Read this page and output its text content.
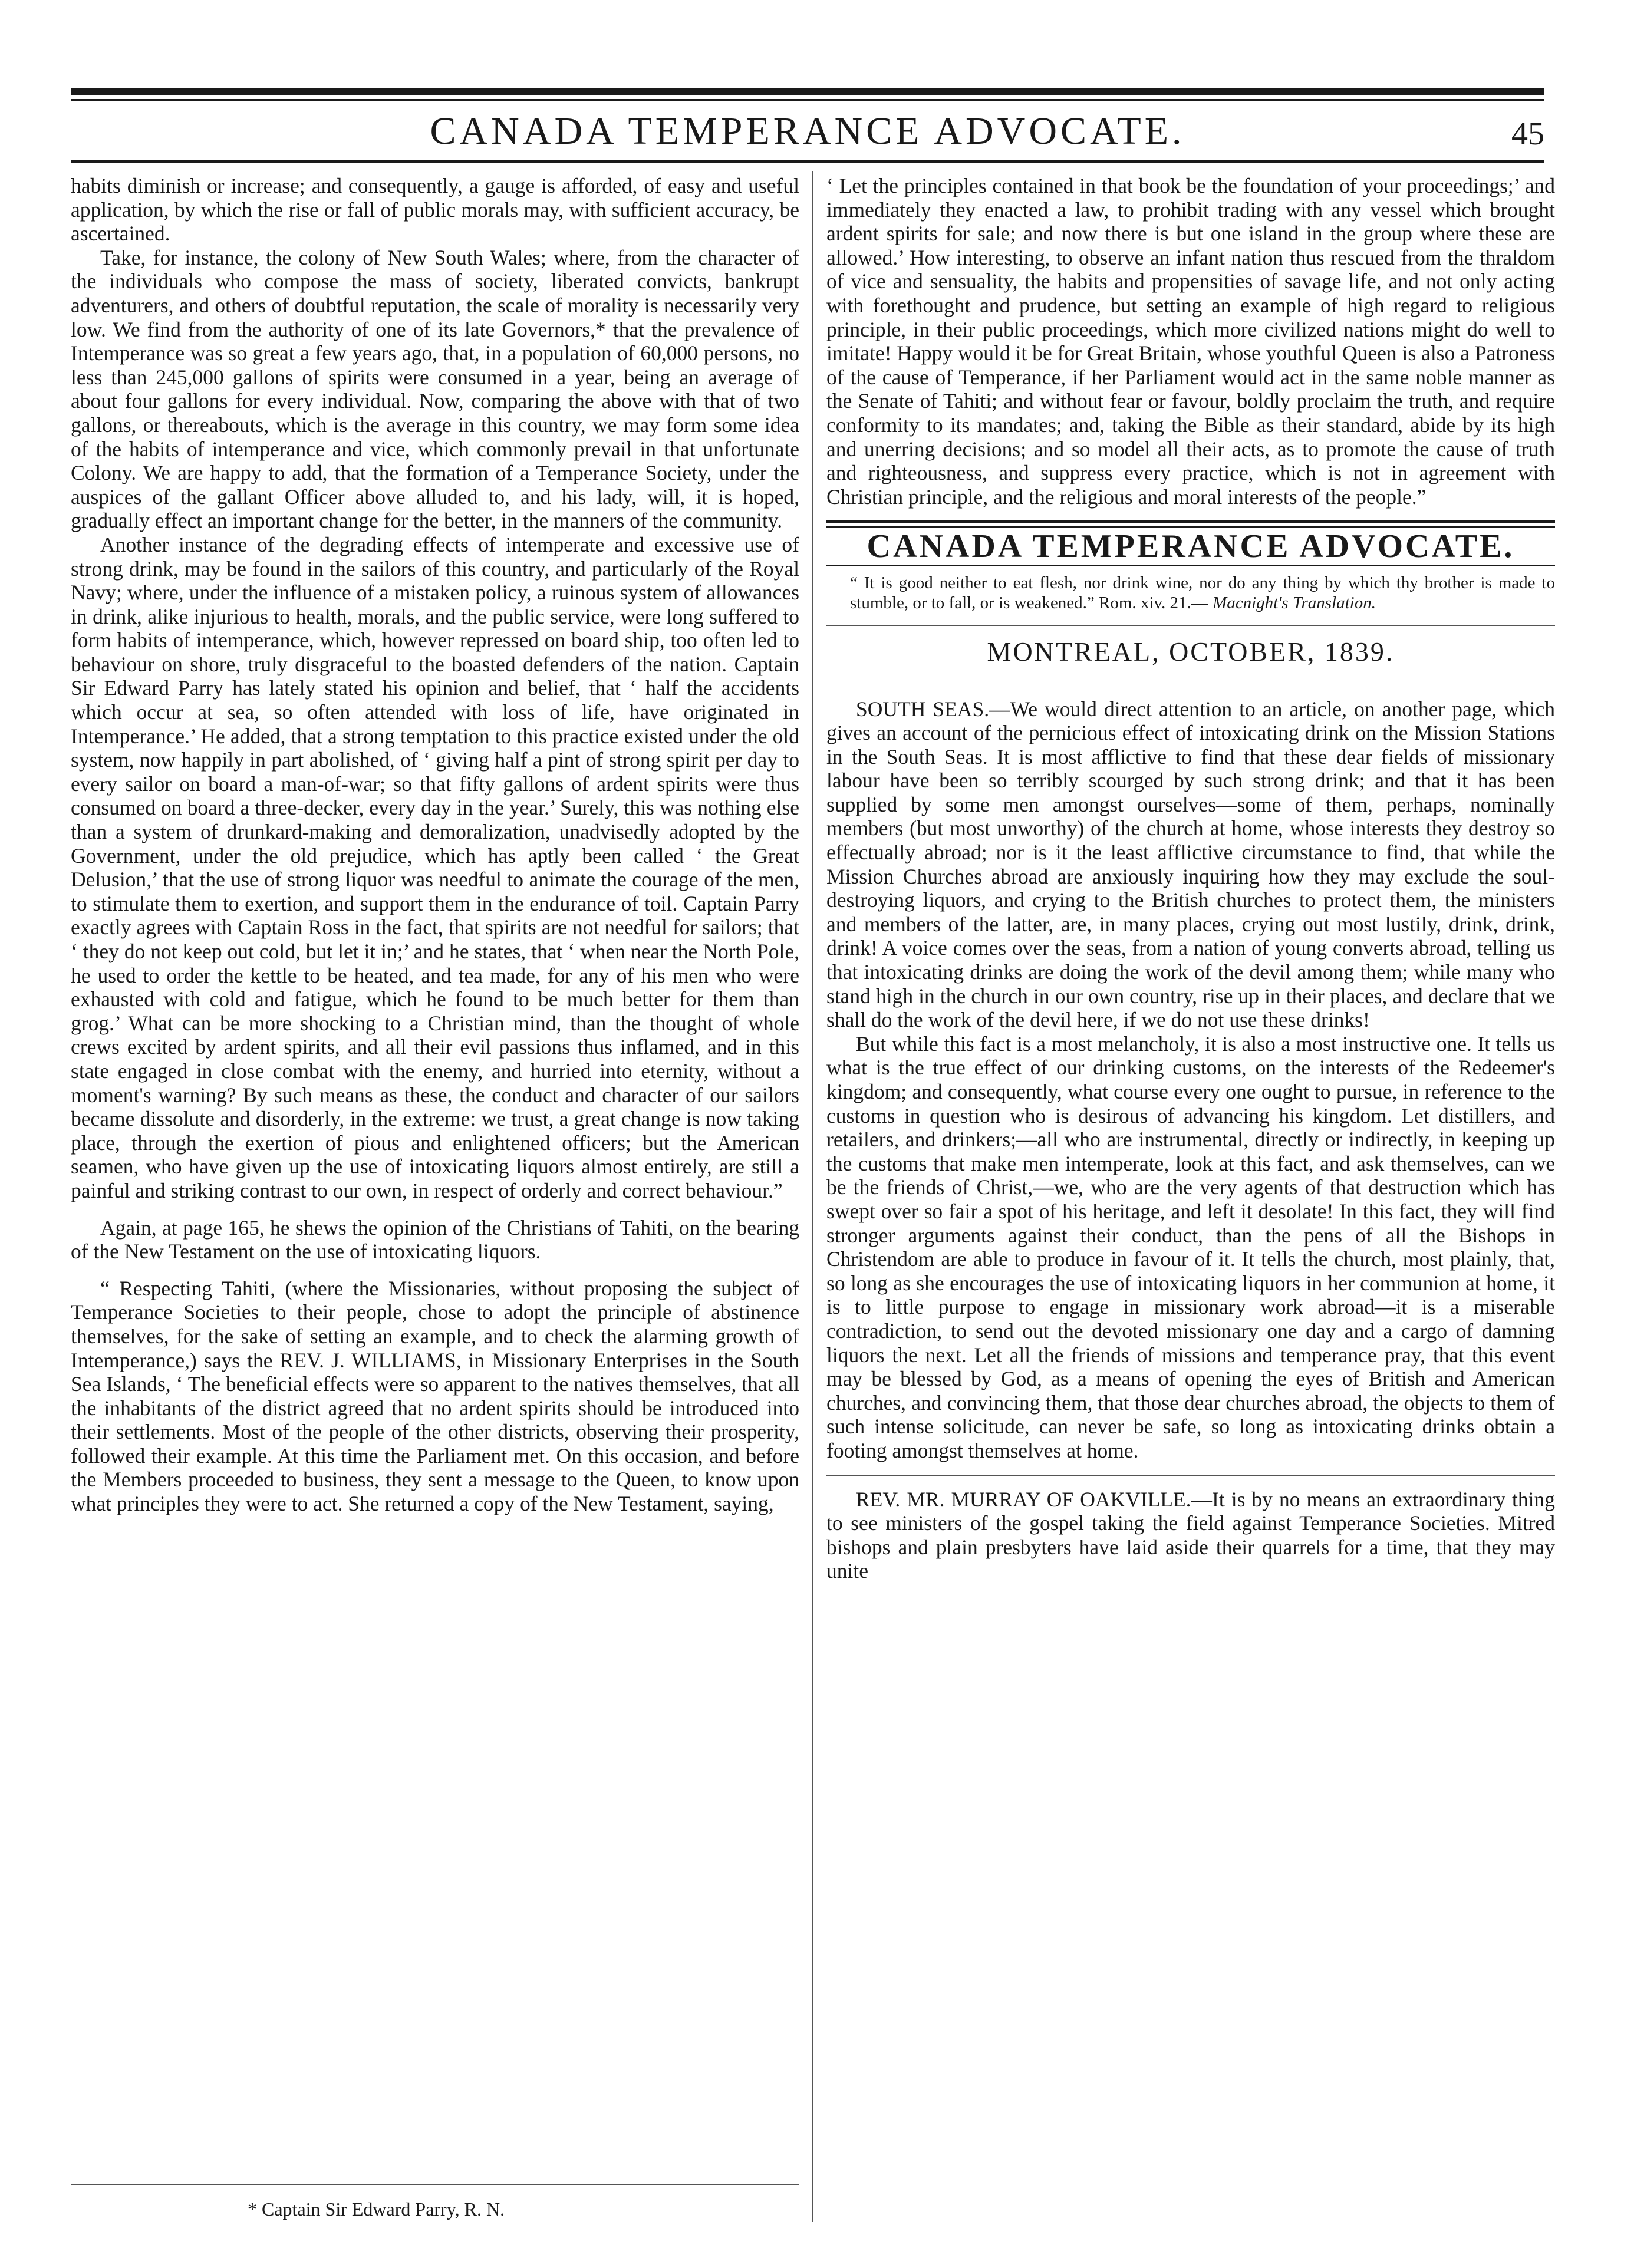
CANADA TEMPERANCE ADVOCATE.	45

habits diminish or increase; and consequently, a gauge is afforded, of easy and useful application, by which the rise or fall of public morals may, with sufficient accuracy, be ascertained.

Take, for instance, the colony of New South Wales; where, from the character of the individuals who compose the mass of society, liberated convicts, bankrupt adventurers, and others of doubtful reputation, the scale of morality is necessarily very low. We find from the authority of one of its late Governors,* that the prevalence of Intemperance was so great a few years ago, that, in a population of 60,000 persons, no less than 245,000 gallons of spirits were consumed in a year, being an average of about four gallons for every individual. Now, comparing the above with that of two gallons, or thereabouts, which is the average in this country, we may form some idea of the habits of intemperance and vice, which commonly prevail in that unfortunate Colony. We are happy to add, that the formation of a Temperance Society, under the auspices of the gallant Officer above alluded to, and his lady, will, it is hoped, gradually effect an important change for the better, in the manners of the community.

Another instance of the degrading effects of intemperate and excessive use of strong drink, may be found in the sailors of this country, and particularly of the Royal Navy; where, under the influence of a mistaken policy, a ruinous system of allowances in drink, alike injurious to health, morals, and the public service, were long suffered to form habits of intemperance, which, however repressed on board ship, too often led to behaviour on shore, truly disgraceful to the boasted defenders of the nation. Captain Sir Edward Parry has lately stated his opinion and belief, that ‘ half the accidents which occur at sea, so often attended with loss of life, have originated in Intemperance.’ He added, that a strong temptation to this practice existed under the old system, now happily in part abolished, of ‘ giving half a pint of strong spirit per day to every sailor on board a man-of-war; so that fifty gallons of ardent spirits were thus consumed on board a three-decker, every day in the year.’ Surely, this was nothing else than a system of drunkard-making and demoralization, unadvisedly adopted by the Government, under the old prejudice, which has aptly been called ‘ the Great Delusion,’ that the use of strong liquor was needful to animate the courage of the men, to stimulate them to exertion, and support them in the endurance of toil. Captain Parry exactly agrees with Captain Ross in the fact, that spirits are not needful for sailors; that ‘ they do not keep out cold, but let it in;’ and he states, that ‘ when near the North Pole, he used to order the kettle to be heated, and tea made, for any of his men who were exhausted with cold and fatigue, which he found to be much better for them than grog.’ What can be more shocking to a Christian mind, than the thought of whole crews excited by ardent spirits, and all their evil passions thus inflamed, and in this state engaged in close combat with the enemy, and hurried into eternity, without a moment's warning? By such means as these, the conduct and character of our sailors became dissolute and disorderly, in the extreme: we trust, a great change is now taking place, through the exertion of pious and enlightened officers; but the American seamen, who have given up the use of intoxicating liquors almost entirely, are still a painful and striking contrast to our own, in respect of orderly and correct behaviour.”

Again, at page 165, he shews the opinion of the Christians of Tahiti, on the bearing of the New Testament on the use of intoxicating liquors.

“ Respecting Tahiti, (where the Missionaries, without proposing the subject of Temperance Societies to their people, chose to adopt the principle of abstinence themselves, for the sake of setting an example, and to check the alarming growth of Intemperance,) says the REV. J. WILLIAMS, in Missionary Enterprises in the South Sea Islands, ‘ The beneficial effects were so apparent to the natives themselves, that all the inhabitants of the district agreed that no ardent spirits should be introduced into their settlements. Most of the people of the other districts, observing their prosperity, followed their example. At this time the Parliament met. On this occasion, and before the Members proceeded to business, they sent a message to the Queen, to know upon what principles they were to act. She returned a copy of the New Testament, saying,

* Captain Sir Edward Parry, R. N.

‘ Let the principles contained in that book be the foundation of your proceedings;’ and immediately they enacted a law, to prohibit trading with any vessel which brought ardent spirits for sale; and now there is but one island in the group where these are allowed.’ How interesting, to observe an infant nation thus rescued from the thraldom of vice and sensuality, the habits and propensities of savage life, and not only acting with forethought and prudence, but setting an example of high regard to religious principle, in their public proceedings, which more civilized nations might do well to imitate! Happy would it be for Great Britain, whose youthful Queen is also a Patroness of the cause of Temperance, if her Parliament would act in the same noble manner as the Senate of Tahiti; and without fear or favour, boldly proclaim the truth, and require conformity to its mandates; and, taking the Bible as their standard, abide by its high and unerring decisions; and so model all their acts, as to promote the cause of truth and righteousness, and suppress every practice, which is not in agreement with Christian principle, and the religious and moral interests of the people.”

CANADA TEMPERANCE ADVOCATE.

“ It is good neither to eat flesh, nor drink wine, nor do any thing by which thy brother is made to stumble, or to fall, or is weakened.” Rom. xiv. 21.— Macnight's Translation.

MONTREAL, OCTOBER, 1839.

SOUTH SEAS.—We would direct attention to an article, on another page, which gives an account of the pernicious effect of intoxicating drink on the Mission Stations in the South Seas. It is most afflictive to find that these dear fields of missionary labour have been so terribly scourged by such strong drink; and that it has been supplied by some men amongst ourselves—some of them, perhaps, nominally members (but most unworthy) of the church at home, whose interests they destroy so effectually abroad; nor is it the least afflictive circumstance to find, that while the Mission Churches abroad are anxiously inquiring how they may exclude the soul-destroying liquors, and crying to the British churches to protect them, the ministers and members of the latter, are, in many places, crying out most lustily, drink, drink, drink! A voice comes over the seas, from a nation of young converts abroad, telling us that intoxicating drinks are doing the work of the devil among them; while many who stand high in the church in our own country, rise up in their places, and declare that we shall do the work of the devil here, if we do not use these drinks!

But while this fact is a most melancholy, it is also a most instructive one. It tells us what is the true effect of our drinking customs, on the interests of the Redeemer's kingdom; and consequently, what course every one ought to pursue, in reference to the customs in question who is desirous of advancing his kingdom. Let distillers, and retailers, and drinkers;—all who are instrumental, directly or indirectly, in keeping up the customs that make men intemperate, look at this fact, and ask themselves, can we be the friends of Christ,—we, who are the very agents of that destruction which has swept over so fair a spot of his heritage, and left it desolate! In this fact, they will find stronger arguments against their conduct, than the pens of all the Bishops in Christendom are able to produce in favour of it. It tells the church, most plainly, that, so long as she encourages the use of intoxicating liquors in her communion at home, it is to little purpose to engage in missionary work abroad—it is a miserable contradiction, to send out the devoted missionary one day and a cargo of damning liquors the next. Let all the friends of missions and temperance pray, that this event may be blessed by God, as a means of opening the eyes of British and American churches, and convincing them, that those dear churches abroad, the objects to them of such intense solicitude, can never be safe, so long as intoxicating drinks obtain a footing amongst themselves at home.

REV. MR. MURRAY OF OAKVILLE.—It is by no means an extraordinary thing to see ministers of the gospel taking the field against Temperance Societies. Mitred bishops and plain presbyters have laid aside their quarrels for a time, that they may unite
